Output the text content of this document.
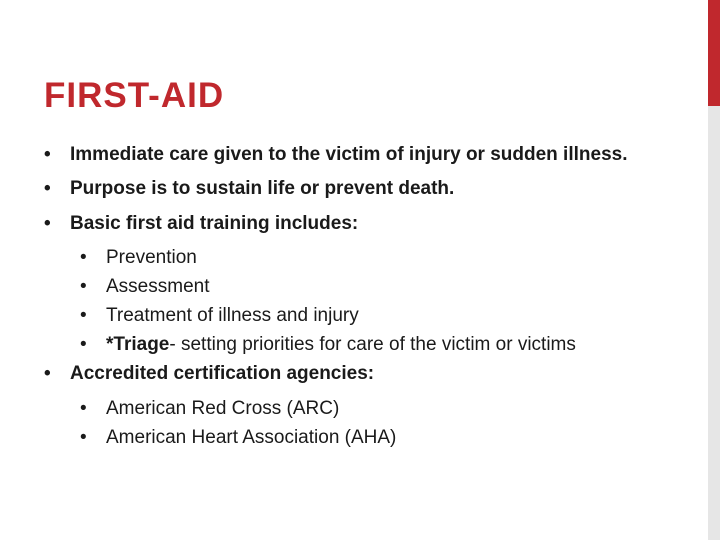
FIRST-AID
• Immediate care given to the victim of injury or sudden illness.
• Purpose is to sustain life or prevent death.
• Basic first aid training includes:
• Prevention
• Assessment
• Treatment of illness and injury
• *Triage- setting priorities for care of the victim or victims
• Accredited certification agencies:
• American Red Cross (ARC)
• American Heart Association (AHA)
